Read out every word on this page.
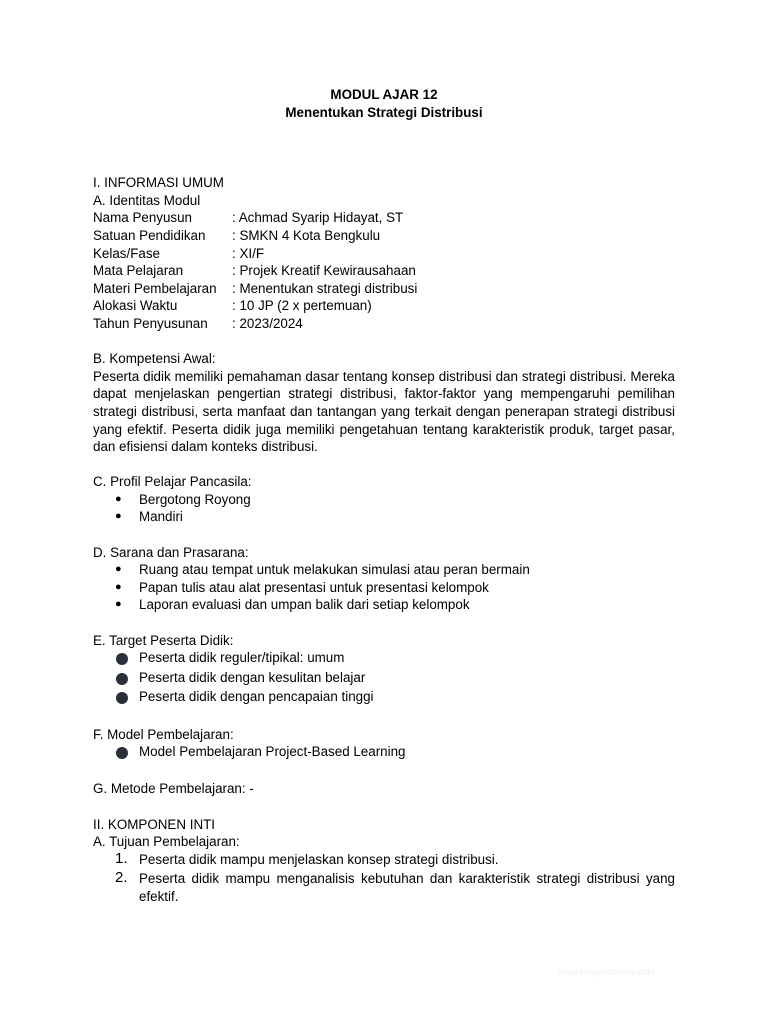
MODUL AJAR 12

Menentukan Strategi Distribusi

I. INFORMASI UMUM

A. Identitas Modul

Nama Penyusun	: Achmad Syarip Hidayat, ST
Satuan Pendidikan	: SMKN 4 Kota Bengkulu
Kelas/Fase	: XI/F
Mata Pelajaran	: Projek Kreatif Kewirausahaan
Materi Pembelajaran	: Menentukan strategi distribusi
Alokasi Waktu	: 10 JP (2 x pertemuan)
Tahun Penyusunan	: 2023/2024

B. Kompetensi Awal:

Peserta didik memiliki pemahaman dasar tentang konsep distribusi dan strategi distribusi. Mereka dapat menjelaskan pengertian strategi distribusi, faktor-faktor yang mempengaruhi pemilihan strategi distribusi, serta manfaat dan tantangan yang terkait dengan penerapan strategi distribusi yang efektif. Peserta didik juga memiliki pengetahuan tentang karakteristik produk, target pasar, dan efisiensi dalam konteks distribusi.

C. Profil Pelajar Pancasila:

● Bergotong Royong
● Mandiri

D. Sarana dan Prasarana:

● Ruang atau tempat untuk melakukan simulasi atau peran bermain
● Papan tulis atau alat presentasi untuk presentasi kelompok
● Laporan evaluasi dan umpan balik dari setiap kelompok

E. Target Peserta Didik:

Peserta didik reguler/tipikal: umum
Peserta didik dengan kesulitan belajar
Peserta didik dengan pencapaian tinggi

F. Model Pembelajaran:

Model Pembelajaran Project-Based Learning

G. Metode Pembelajaran: -

II. KOMPONEN INTI

A. Tujuan Pembelajaran:

1. Peserta didik mampu menjelaskan konsep strategi distribusi.
2. Peserta didik mampu menganalisis kebutuhan dan karakteristik strategi distribusi yang efektif.
www.shopanddeals.com
